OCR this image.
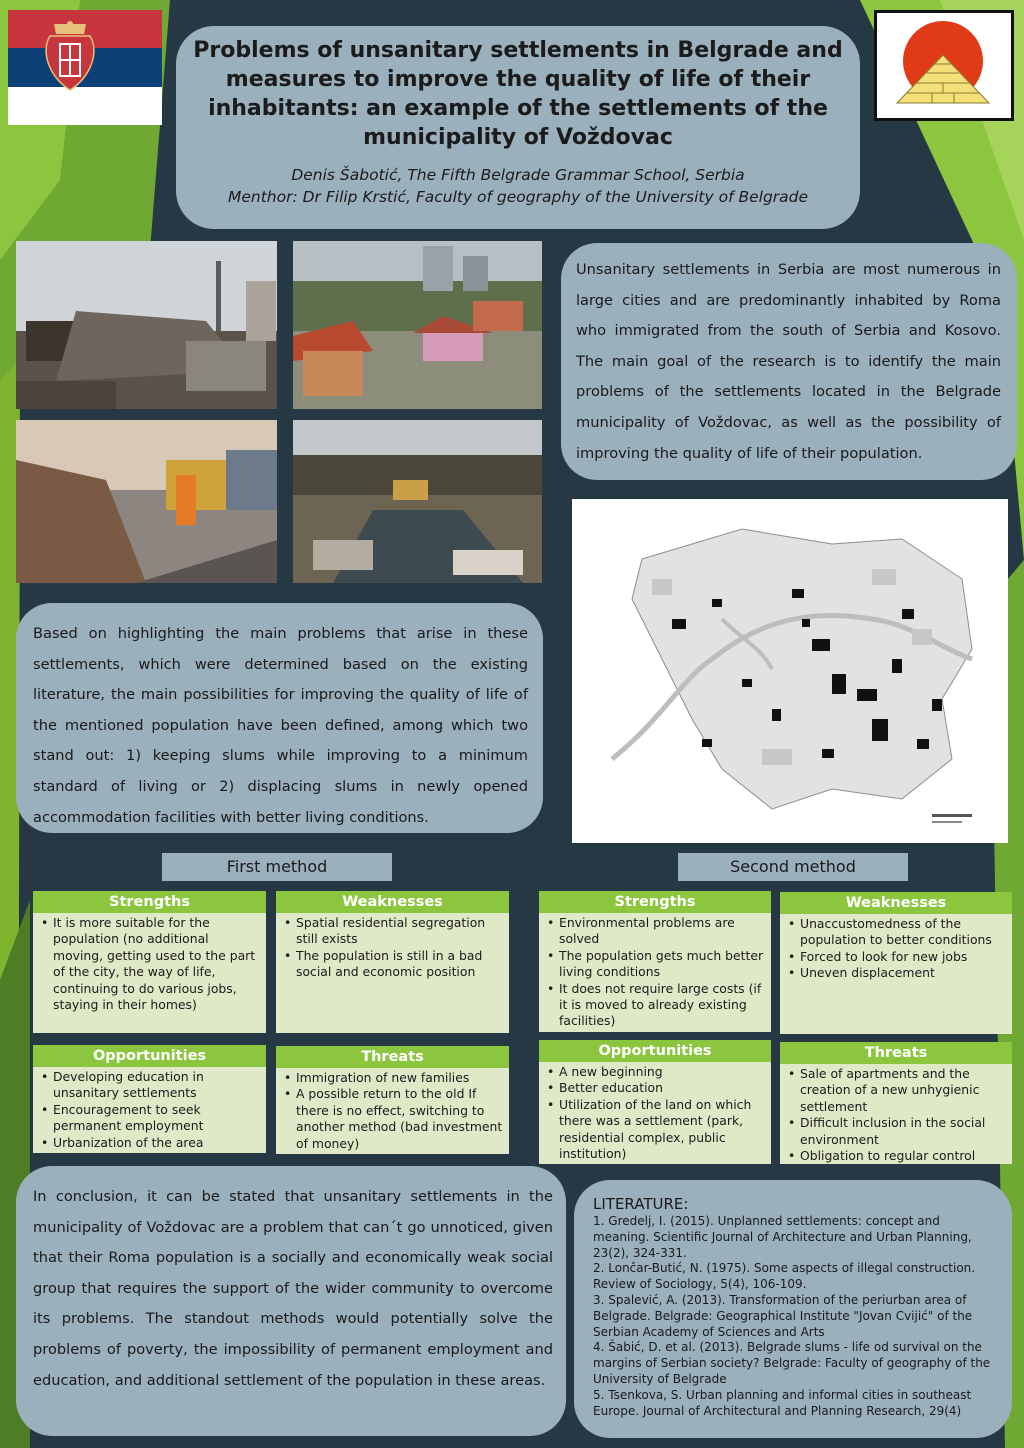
Problems of unsanitary settlements in Belgrade and measures to improve the quality of life of their inhabitants: an example of the settlements of the municipality of Voždovac
Denis Šabotić, The Fifth Belgrade Grammar School, Serbia
Menthor: Dr Filip Krstić, Faculty of geography of the University of Belgrade

Unsanitary settlements in Serbia are most numerous in large cities and are predominantly inhabited by Roma who immigrated from the south of Serbia and Kosovo. The main goal of the research is to identify the main problems of the settlements located in the Belgrade municipality of Voždovac, as well as the possibility of improving the quality of life of their population.

Based on highlighting the main problems that arise in these settlements, which were determined based on the existing literature, the main possibilities for improving the quality of life of the mentioned population have been defined, among which two stand out: 1) keeping slums while improving to a minimum standard of living or 2) displacing slums in newly opened accommodation facilities with better living conditions.

First method	Second method
Strengths
• It is more suitable for the population (no additional moving, getting used to the part of the city, the way of life, continuing to do various jobs, staying in their homes)
Weaknesses
• Spatial residential segregation still exists
• The population is still in a bad social and economic position
Opportunities
• Developing education in unsanitary settlements
• Encouragement to seek permanent employment
• Urbanization of the area
Threats
• Immigration of new families
• A possible return to the old If there is no effect, switching to another method (bad investment of money)
Strengths
• Environmental problems are solved
• The population gets much better living conditions
• It does not require large costs (if it is moved to already existing facilities)
Weaknesses
• Unaccustomedness of the population to better conditions
• Forced to look for new jobs
• Uneven displacement
Opportunities
• A new beginning
• Better education
• Utilization of the land on which there was a settlement (park, residential complex, public institution)
Threats
• Sale of apartments and the creation of a new unhygienic settlement
• Difficult inclusion in the social environment
• Obligation to regular control

In conclusion, it can be stated that unsanitary settlements in the municipality of Voždovac are a problem that can´t go unnoticed, given that their Roma population is a socially and economically weak social group that requires the support of the wider community to overcome its problems. The standout methods would potentially solve the problems of poverty, the impossibility of permanent employment and education, and additional settlement of the population in these areas.

LITERATURE:

1. Gredelj, I. (2015). Unplanned settlements: concept and meaning. Scientific Journal of Architecture and Urban Planning, 23(2), 324-331.

2. Lončar-Butić, N. (1975). Some aspects of illegal construction. Review of Sociology, 5(4), 106-109.

3. Spalević, A. (2013). Transformation of the periurban area of Belgrade. Belgrade: Geographical Institute "Jovan Cvijić" of the Serbian Academy of Sciences and Arts

4. Šabić, D. et al. (2013). Belgrade slums - life od survival on the margins of Serbian society? Belgrade: Faculty of geography of the University of Belgrade

5. Tsenkova, S. Urban planning and informal cities in southeast Europe. Journal of Architectural and Planning Research, 29(4)
